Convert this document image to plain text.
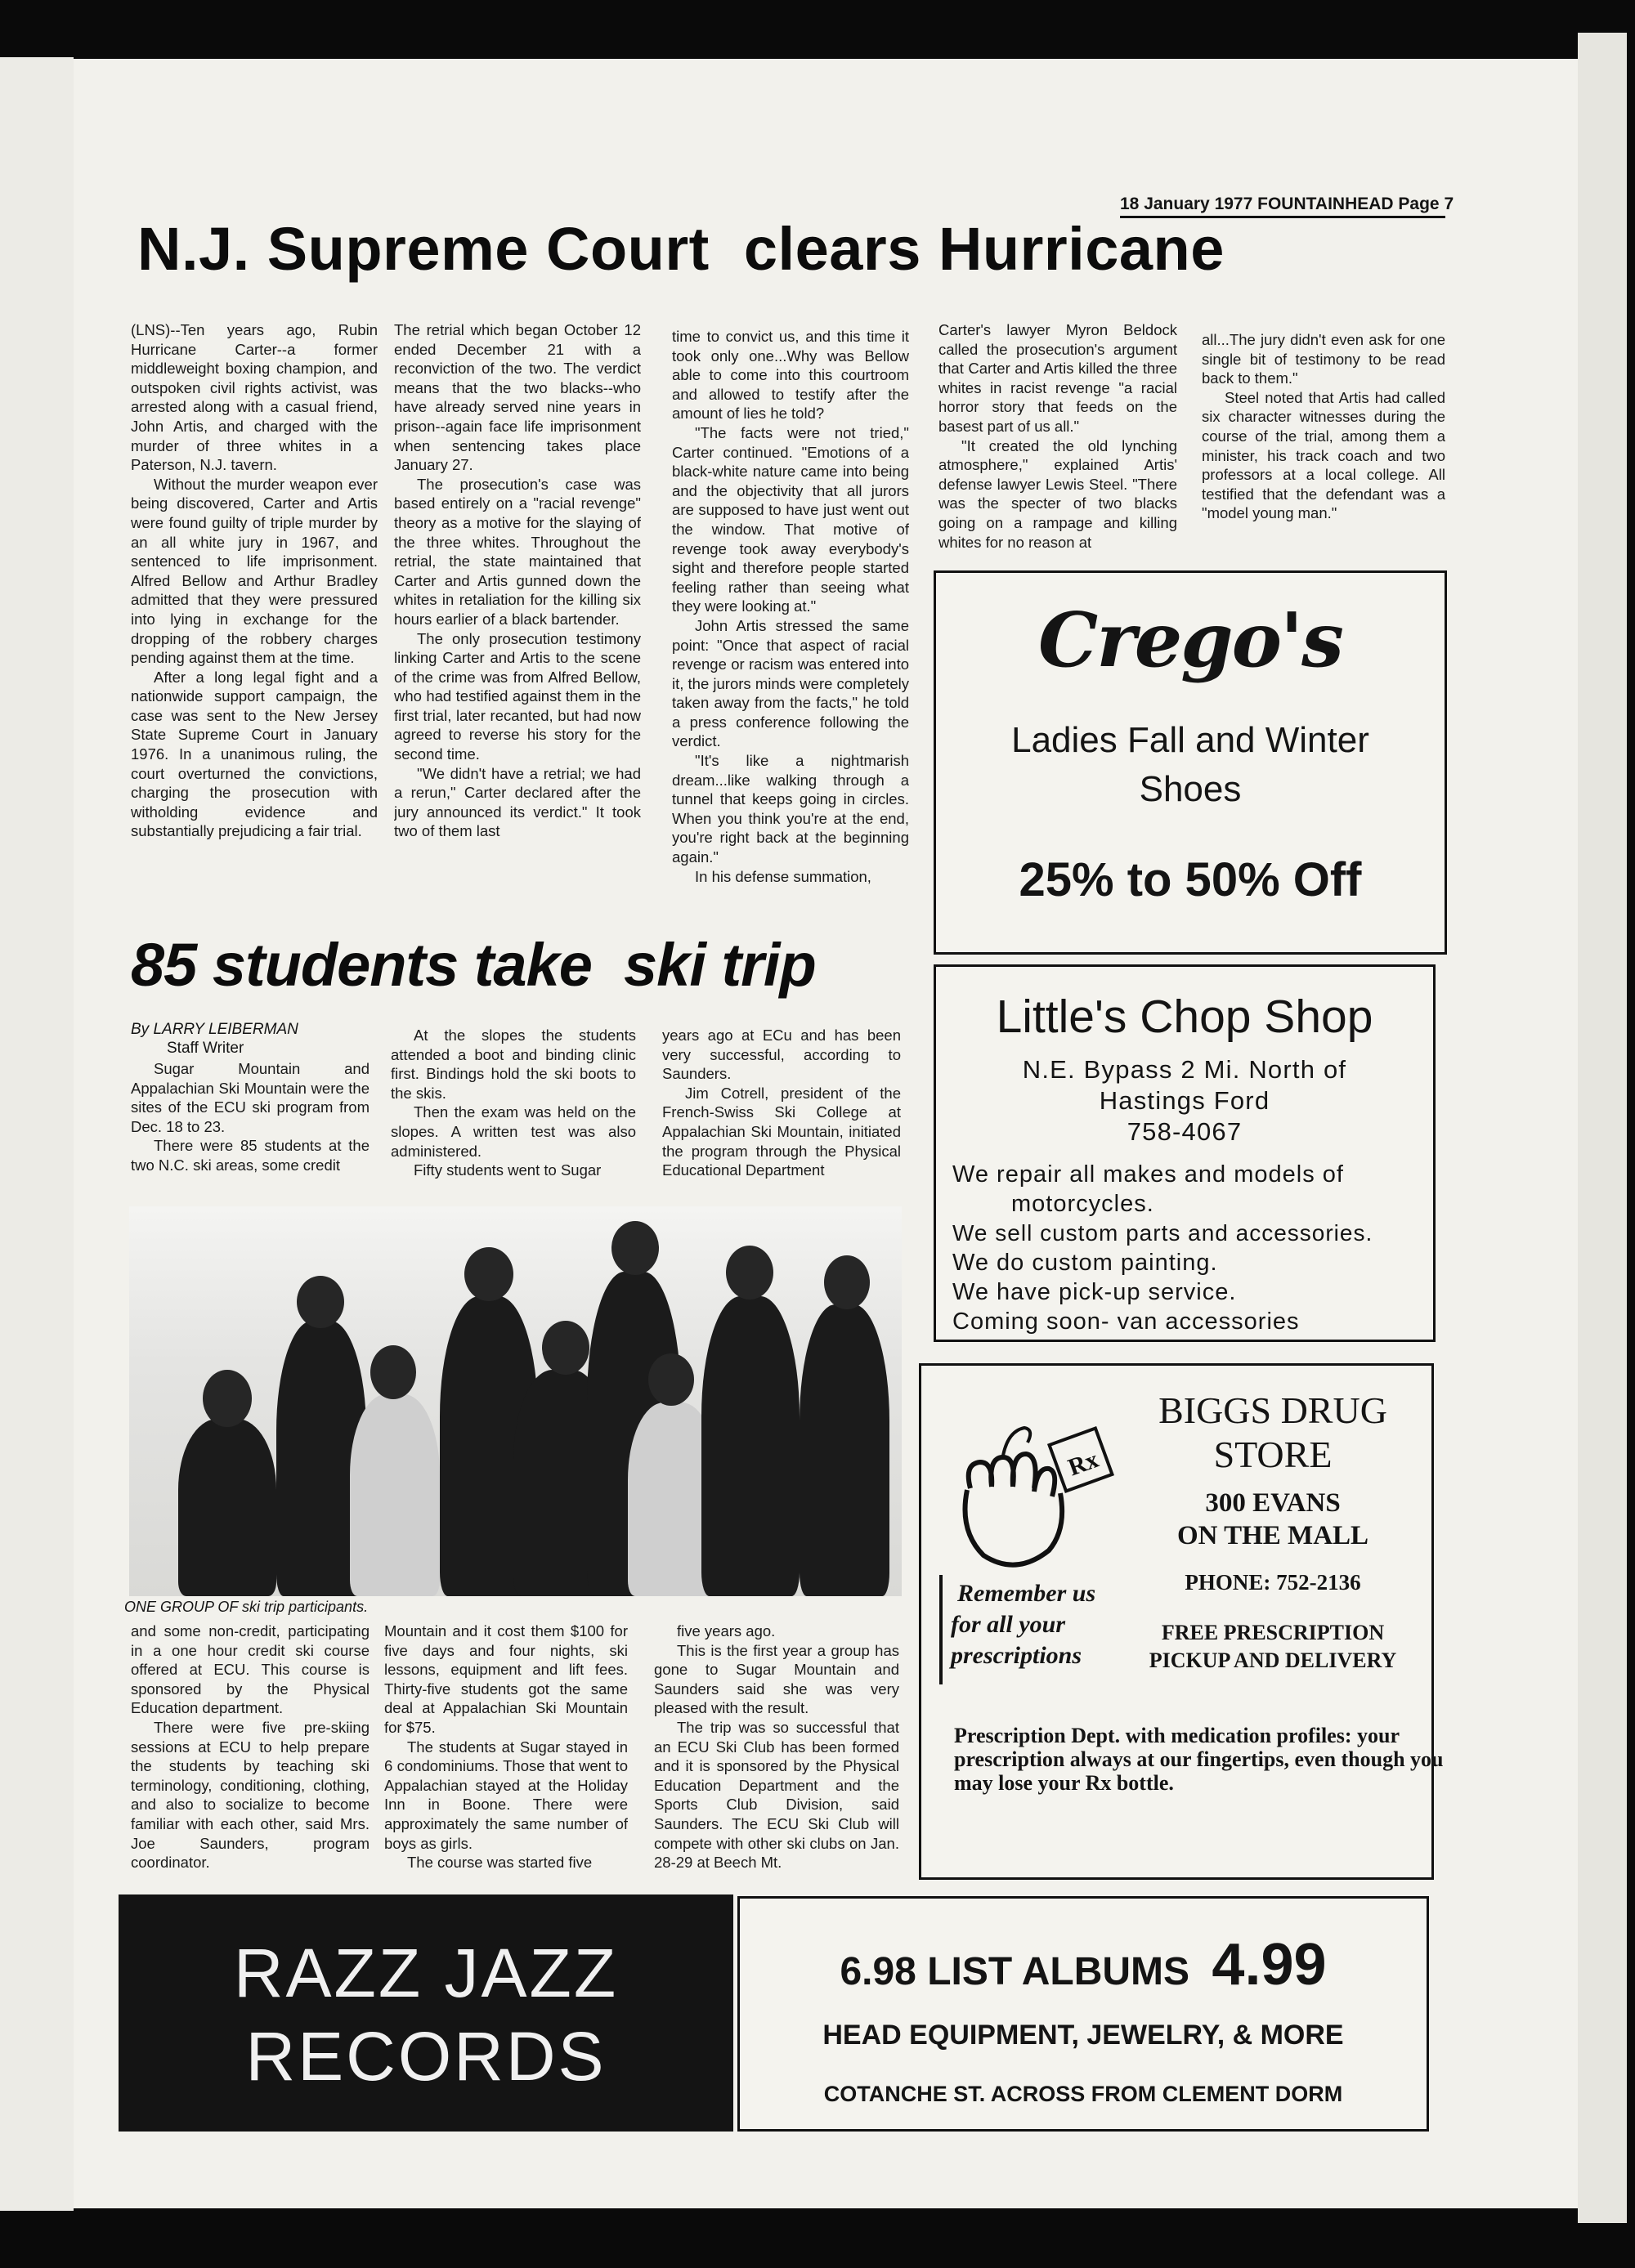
18 January 1977 FOUNTAINHEAD Page 7
N.J. Supreme Court  clears Hurricane

(LNS)--Ten years ago, Rubin Hurricane Carter--a former middleweight boxing champion, and outspoken civil rights activist, was arrested along with a casual friend, John Artis, and charged with the murder of three whites in a Paterson, N.J. tavern.

Without the murder weapon ever being discovered, Carter and Artis were found guilty of triple murder by an all white jury in 1967, and sentenced to life imprisonment. Alfred Bellow and Arthur Bradley admitted that they were pressured into lying in exchange for the dropping of the robbery charges pending against them at the time.

After a long legal fight and a nationwide support campaign, the case was sent to the New Jersey State Supreme Court in January 1976. In a unanimous ruling, the court overturned the convictions, charging the prosecution with witholding evidence and substantially prejudicing a fair trial.

The retrial which began October 12 ended December 21 with a reconviction of the two. The verdict means that the two blacks--who have already served nine years in prison--again face life imprisonment when sentencing takes place January 27.

The prosecution's case was based entirely on a "racial revenge" theory as a motive for the slaying of the three whites. Throughout the retrial, the state maintained that Carter and Artis gunned down the whites in retaliation for the killing six hours earlier of a black bartender.

The only prosecution testimony linking Carter and Artis to the scene of the crime was from Alfred Bellow, who had testified against them in the first trial, later recanted, but had now agreed to reverse his story for the second time.

"We didn't have a retrial; we had a rerun," Carter declared after the jury announced its verdict." It took two of them last

time to convict us, and this time it took only one...Why was Bellow able to come into this courtroom and allowed to testify after the amount of lies he told?

"The facts were not tried," Carter continued. "Emotions of a black-white nature came into being and the objectivity that all jurors are supposed to have just went out the window. That motive of revenge took away everybody's sight and therefore people started feeling rather than seeing what they were looking at."

John Artis stressed the same point: "Once that aspect of racial revenge or racism was entered into it, the jurors minds were completely taken away from the facts," he told a press conference following the verdict.

"It's like a nightmarish dream...like walking through a tunnel that keeps going in circles. When you think you're at the end, you're right back at the beginning again."

In his defense summation,

Carter's lawyer Myron Beldock called the prosecution's argument that Carter and Artis killed the three whites in racist revenge "a racial horror story that feeds on the basest part of us all."

"It created the old lynching atmosphere," explained Artis' defense lawyer Lewis Steel. "There was the specter of two blacks going on a rampage and killing whites for no reason at

all...The jury didn't even ask for one single bit of testimony to be read back to them."

Steel noted that Artis had called six character witnesses during the course of the trial, among them a minister, his track coach and two professors at a local college. All testified that the defendant was a "model young man."

85 students take  ski trip
By LARRY LEIBERMAN
Staff Writer

Sugar Mountain and Appalachian Ski Mountain were the sites of the ECU ski program from Dec. 18 to 23.

There were 85 students at the two N.C. ski areas, some credit

At the slopes the students attended a boot and binding clinic first. Bindings hold the ski boots to the skis.

Then the exam was held on the slopes. A written test was also administered.

Fifty students went to Sugar

years ago at ECu and has been very successful, according to Saunders.

Jim Cotrell, president of the French-Swiss Ski College at Appalachian Ski Mountain, initiated the program through the Physical Educational Department

ONE GROUP OF ski trip participants.

and some non-credit, participating in a one hour credit ski course offered at ECU. This course is sponsored by the Physical Education department.

There were five pre-skiing sessions at ECU to help prepare the students by teaching ski terminology, conditioning, clothing, and also to socialize to become familiar with each other, said Mrs. Joe Saunders, program coordinator.

Mountain and it cost them $100 for five days and four nights, ski lessons, equipment and lift fees. Thirty-five students got the same deal at Appalachian Ski Mountain for $75.

The students at Sugar stayed in 6 condominiums. Those that went to Appalachian stayed at the Holiday Inn in Boone. There were approximately the same number of boys as girls.

The course was started five

five years ago.

This is the first year a group has gone to Sugar Mountain and Saunders said she was very pleased with the result.

The trip was so successful that an ECU Ski Club has been formed and it is sponsored by the Physical Education Department and the Sports Club Division, said Saunders. The ECU Ski Club will compete with other ski clubs on Jan. 28-29 at Beech Mt.

Crego's
Ladies Fall and Winter
Shoes
25% to 50% Off
Little's Chop Shop
N.E. Bypass 2 Mi. North of
Hastings Ford
758-4067
We repair all makes and models of
motorcycles.
We sell custom parts and accessories.
We do custom painting.
We have pick-up service.
Coming soon- van accessories
BIGGS DRUG
STORE
300 EVANS
ON THE MALL
PHONE: 752-2136
FREE PRESCRIPTION
PICKUP AND DELIVERY
Rx
Remember us
for all your
prescriptions
Prescription Dept. with medication profiles: your prescription always at our fingertips, even though you may lose your Rx bottle.
RAZZ JAZZ
RECORDS
6.98 LIST ALBUMS 4.99
HEAD EQUIPMENT, JEWELRY, & MORE
COTANCHE ST. ACROSS FROM CLEMENT DORM
